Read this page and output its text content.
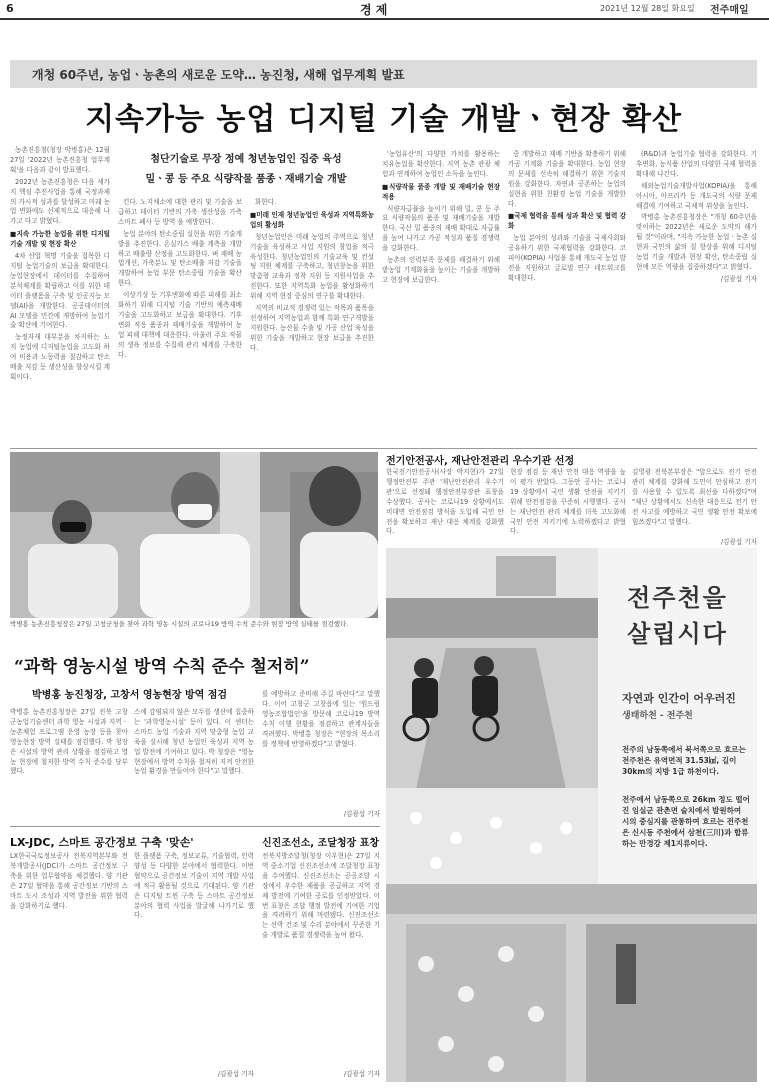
6	경 제	2021년 12월 28일 화요일 전주매일
개청 60주년, 농업ㆍ농촌의 새로운 도약… 농진청, 새해 업무계획 발표
지속가능 농업 디지털 기술 개발ㆍ현장 확산

농촌진흥청(청장 박병홍)은 12월 27일 '2022년 농촌진흥청 업무계획'을 다음과 같이 발표했다.

2022년 농촌진흥청은 다음 세가지 핵심 추진사업을 통해 국정과제의 가시적 성과를 달성하고 미래 농업 변화에도 선제적으로 대응해 나가고 다고 밝혔다.

■지속 가능한 농업을 위한 디지털 기술 개발 및 현장 확산

4차 산업 혁명 기술을 접목한 디지털 농업기술의 보급을 확대한다. 농업현장에서 데이터를 수집하여 분석체계를 확립하고 이를 위한 데이터 플랫폼을 구축 및 인공지능 모델(AI)을 개발한다. 공공데이터의 AI 모델을 민간에 개방하여 농업기술 확산에 기여한다.

농정자재 대부분을 차지하는 노지 농업에 디지털농업을 고도화 하여 비용과 노동력을 절감하고 탄소배출 저감 등 생산성을 향상시킬 계획이다.

첨단기술로 무장 정예 청년농업인 집중 육성
밀ㆍ콩 등 주요 식량작물 품종ㆍ재배기술 개발

킨다. 노지채소에 대한 관리 및 기술을 보급하고 데이터 기반의 가축 생산성을 가축 스마트 폐사 등 방역 을 예방한다.

농업 분야의 탄소중립 실현을 위한 기술개발을 추진한다. 온실가스 배출 계측을 개발하고 배출량 산정을 고도화한다. 벼 재배 농법개선, 가축분뇨 및 탄소배출 저감 기술을 개발하여 농업 부문 탄소중립 기술을 확산한다.

이상기상 등 기후변화에 따른 피해를 최소화하기 위해 디지털 기술 기반의 예측재배 기술을 고도화하고 보급을 확대한다. 기후변화 적응 품종과 재배기술을 개발하여 농업 피해 대책에 대응한다. 아울러 주요 작물의 생육 정보를 수집해 관리 체계를 구축한다.

화한다.

■미래 인재 청년농업인 육성과 지역특화농업의 활성화

청년농업인은 미래 농업의 주역으로 청년기술을 육성하고 사업 지원의 창업을 적극 육성한다. 청년농업인의 기술교육 및 컨설팅 지원 체계를 구축하고, 청년창농을 위한 맞춤형 교육과 정착 지원 등 지원사업을 추진한다. 또한 지역특화 농업을 활성화하기 위해 지역 현장 중심의 연구를 확대한다.

지역의 비교적 경쟁력 있는 작목과 품목을 선정하여 지역농업과 함께 특화 연구개발을 지원한다. 농산물 수출 및 가공 산업 육성을 위한 기술을 개발하고 현장 보급을 추진한다.

'농업유산'의 다양한 가치를 활용하는 치유농업을 확산한다. 지역 농촌 관광 체험과 연계하여 농업인 소득을 높인다.

■식량작물 품종 개발 및 재배기술 현장 적용

식량자급률을 높이기 위해 밀, 콩 등 주요 식량작물의 품종 및 재배기술을 개발한다. 국산 밀 품종의 재배 확대로 자급률을 높여 나가고 가공 적성과 품질 경쟁력을 강화한다.

농촌의 인력부족 문제를 해결하기 위해 밭농업 기계화율을 높이는 기술을 개발하고 현장에 보급한다.

중 개발하고 재배 기반을 확충하기 위해 가공 기계화 기술을 확대한다. 농업 현장의 문제를 신속히 해결하기 위한 기술지원을 강화한다. 자연과 공존하는 농업의 실현을 위한 친환경 농업 기술을 개발한다.

■국제 협력을 통해 성과 확산 및 협력 강화

농업 분야의 성과와 기술을 국제사회와 공유하기 위한 국제협력을 강화한다. 코피아(KOPIA) 사업을 통해 개도국 농업 발전을 지원하고 글로벌 연구 네트워크를 확대한다.

(R&D)과 농업기술 협력을 강화한다. 기후변화, 농식품 산업의 다양한 국제 협력을 확대해 나간다.

해외농업기술개발사업(KOPIA)을 통해 아시아, 아프리카 등 개도국의 식량 문제 해결에 기여하고 국제적 위상을 높인다.

박병홍 농촌진흥청장은 "개청 60주년을 맞이하는 2022년은 새로운 도약의 해가 될 것"이라며, "지속 가능한 농업ㆍ농촌 실현과 국민의 삶의 질 향상을 위해 디지털 농업 기술 개발과 현장 확산, 탄소중립 실현에 모든 역량을 집중하겠다"고 밝혔다.

/김광섭 기자

박병홍 농촌진흥청장은 27일 고창군청을 찾아 과학 영농 시설의 코로나19 방역 수칙 준수와 현장 방역 실태를 점검했다.
전기안전공사, 재난안전관리 우수기관 선정
한국전기안전공사(사장 박지현)가 27일 행정안전부 주관 '재난안전관리 우수기관'으로 선정돼 행정안전부장관 표창을 수상했다. 공사는 코로나19 상황에서도 비대면 안전점검 방식을 도입해 국민 안전을 확보하고 재난 대응 체계를 강화했다.
현장 점검 등 재난 안전 대응 역량을 높이 평가 받았다. 그동안 공사는 코로나19 상황에서 국민 생활 안전을 지키기 위해 안전점검을 꾸준히 시행했다. 공사는 재난안전 관리 체계를 더욱 고도화해 국민 안전 지키기에 노력하겠다고 밝혔다.
김영광 전북본부장은 "앞으로도 전기 안전 관리 체계를 강화해 도민이 안심하고 전기를 사용할 수 있도록 최선을 다하겠다"며 "재난 상황에서도 신속한 대응으로 전기 안전 사고를 예방하고 국민 생활 안전 확보에 힘쓰겠다"고 말했다.
/김광섭 기자
전주천을
살립시다
자연과 인간이 어우러진
생태하천 - 전주천
전주의 남동쪽에서 북서쪽으로 흐르는 전주천은 유역면적 31.53㎢, 길이 30km의 지방 1급 하천이다.
전주에서 남동쪽으로 26km 정도 떨어진 임실군 관촌면 슬치에서 발원하여 시의 중심지를 관통하여 흐르는 전주천은 신시동 주천에서 삼천(三川)과 합류하는 만경강 제1지류이다.
“과학 영농시설 방역 수칙 준수 철저히”
박병홍 농진청장, 고창서 영농현장 방역 점검
박병홍 농촌진흥청장은 27일 전북 고창군농업기술센터 과학 영농 시설과 지역ㆍ농촌체험 프로그램 운영 농장 등을 찾아 영농현장 방역 실태를 점검했다. 박 청장은 시설의 방역 관리 상황을 점검하고 영농 현장에 철저한 방역 수칙 준수를 당부했다.
스에 감염되지 않은 모두를 생산에 집중하는 '과학영농시설' 등이 있다. 이 센터는 스마트 농업 기술과 지역 맞춤형 농업 교육을 실시해 청년 농업인 육성과 지역 농업 발전에 기여하고 있다. 박 청장은 "영농 현장에서 방역 수칙을 철저히 지켜 안전한 농업 환경을 만들어야 한다"고 말했다.
를 예방하고 준비해 주길 바란다"고 말했다. 이어 고창군 고창읍에 있는 '원드림 영농조합법인'을 방문해 코로나19 방역 수칙 이행 현황을 점검하고 관계자들을 격려했다. 박병홍 청장은 "현장의 목소리를 정책에 반영하겠다"고 밝혔다.
/김광섭 기자
LX-JDC, 스마트 공간정보 구축 '맞손'
LX한국국토정보공사 전북지역본부와 전북개발공사(JDC)가 스마트 공간정보 구축을 위한 업무협약을 체결했다. 양 기관은 27일 협약을 통해 공간정보 기반의 스마트 도시 조성과 지역 발전을 위한 협력을 강화하기로 했다.
한 플랫폼 구축, 정보교류, 기술협력, 인력 양성 등 다양한 분야에서 협력한다. 이번 협약으로 공간정보 기술이 지역 개발 사업에 적극 활용될 것으로 기대된다. 양 기관은 디지털 트윈 구축 등 스마트 공간정보 분야의 협력 사업을 발굴해 나가기로 했다.
/김광섭 기자
신진조선소, 조달청장 표창
전북지방조달청(청장 이우현)은 27일 지역 중소기업 신진조선소에 조달청장 표창을 수여했다. 신진조선소는 공공조달 시장에서 우수한 제품을 공급하고 지역 경제 발전에 기여한 공로를 인정받았다. 이번 표창은 조달 행정 발전에 기여한 기업을 격려하기 위해 마련됐다. 신진조선소는 선박 건조 및 수리 분야에서 꾸준한 기술 개발로 품질 경쟁력을 높여 왔다.
/김광섭 기자
